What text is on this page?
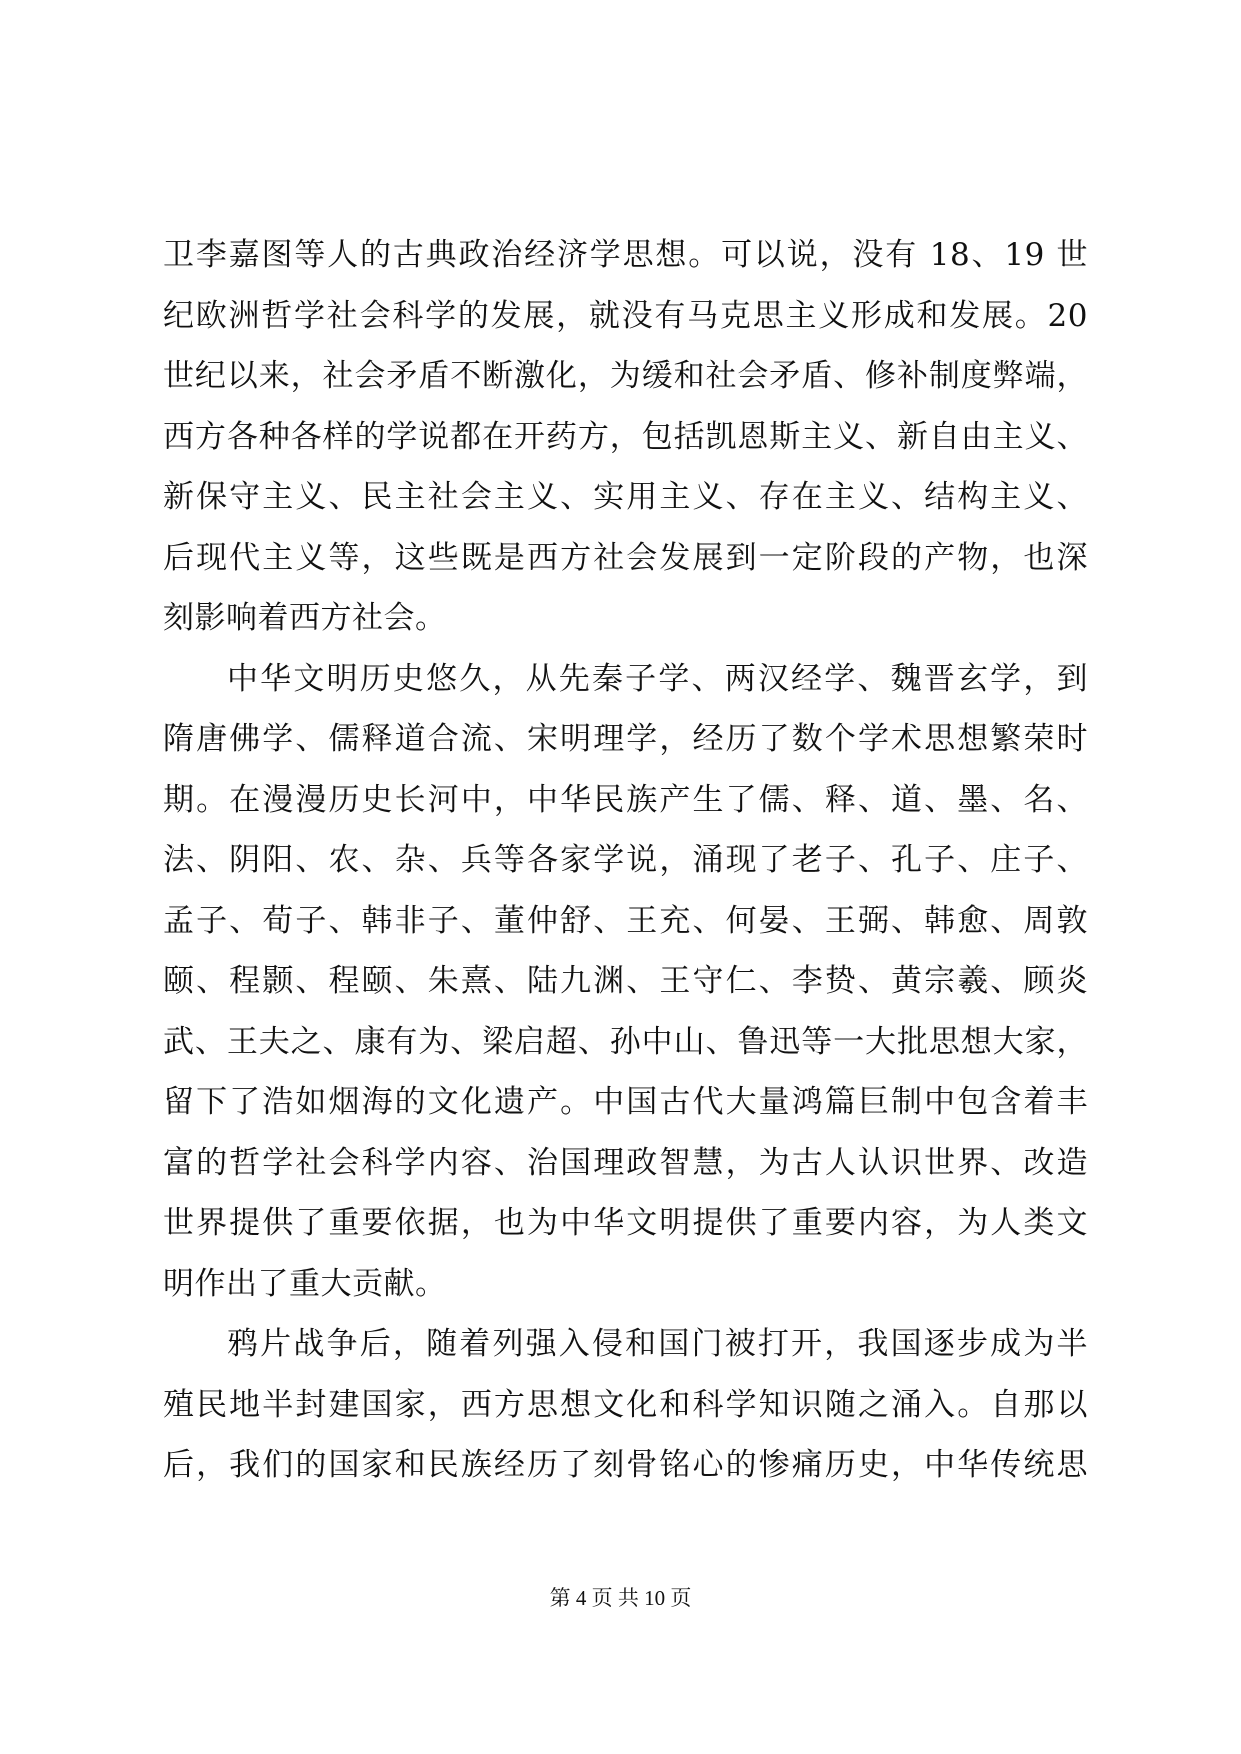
卫李嘉图等人的古典政治经济学思想。可以说，没有 18、19 世
纪欧洲哲学社会科学的发展，就没有马克思主义形成和发展。20
世纪以来，社会矛盾不断激化，为缓和社会矛盾、修补制度弊端，
西方各种各样的学说都在开药方，包括凯恩斯主义、新自由主义、
新保守主义、民主社会主义、实用主义、存在主义、结构主义、
后现代主义等，这些既是西方社会发展到一定阶段的产物，也深
刻影响着西方社会。
中华文明历史悠久，从先秦子学、两汉经学、魏晋玄学，到
隋唐佛学、儒释道合流、宋明理学，经历了数个学术思想繁荣时
期。在漫漫历史长河中，中华民族产生了儒、释、道、墨、名、
法、阴阳、农、杂、兵等各家学说，涌现了老子、孔子、庄子、
孟子、荀子、韩非子、董仲舒、王充、何晏、王弼、韩愈、周敦
颐、程颢、程颐、朱熹、陆九渊、王守仁、李贽、黄宗羲、顾炎
武、王夫之、康有为、梁启超、孙中山、鲁迅等一大批思想大家，
留下了浩如烟海的文化遗产。中国古代大量鸿篇巨制中包含着丰
富的哲学社会科学内容、治国理政智慧，为古人认识世界、改造
世界提供了重要依据，也为中华文明提供了重要内容，为人类文
明作出了重大贡献。
鸦片战争后，随着列强入侵和国门被打开，我国逐步成为半
殖民地半封建国家，西方思想文化和科学知识随之涌入。自那以
后，我们的国家和民族经历了刻骨铭心的惨痛历史，中华传统思
第 4 页 共 10 页
